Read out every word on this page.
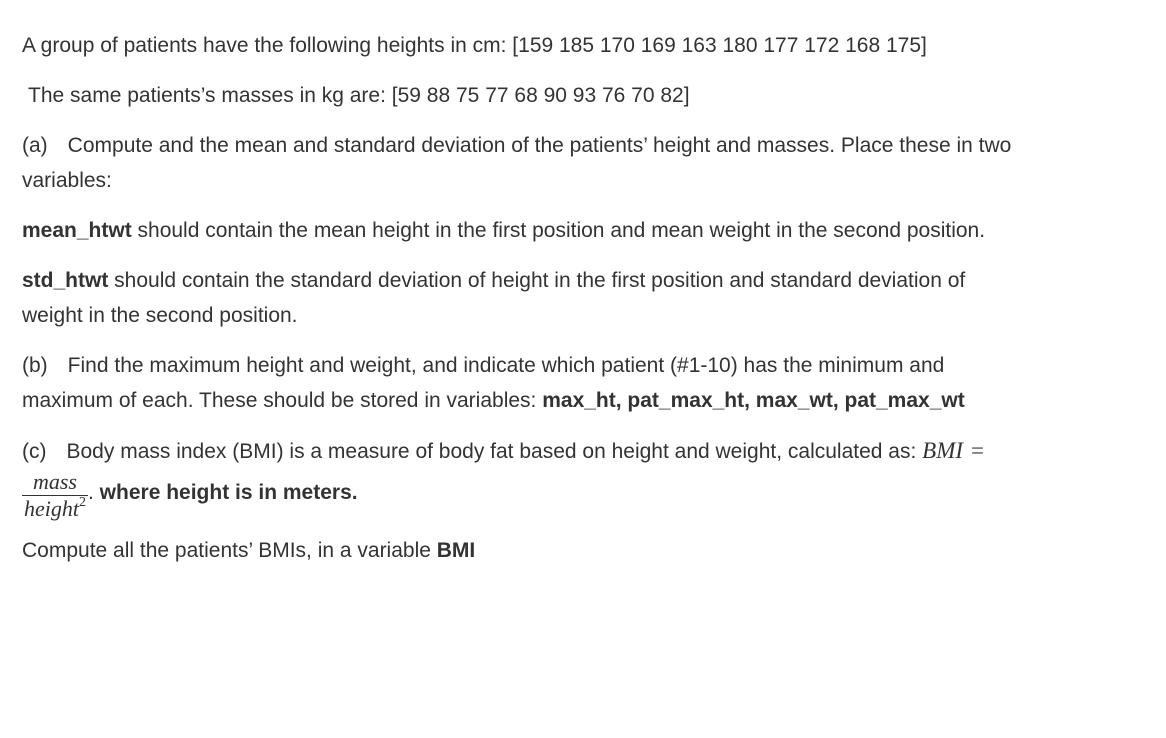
A group of patients have the following heights in cm: [159 185 170 169 163 180 177 172 168 175]

The same patients’s masses in kg are: [59 88 75 77 68 90 93 76 70 82]

(a) Compute and the mean and standard deviation of the patients’ height and masses. Place these in two variables:

mean_htwt should contain the mean height in the first position and mean weight in the second position.

std_htwt should contain the standard deviation of height in the first position and standard deviation of weight in the second position.

(b) Find the maximum height and weight, and indicate which patient (#1-10) has the minimum and maximum of each. These should be stored in variables: max_ht, pat_max_ht, max_wt, pat_max_wt

(c) Body mass index (BMI) is a measure of body fat based on height and weight, calculated as: BMI =
$\frac{\text{mass}}{height^2}$ . where height is in meters.

Compute all the patients’ BMIs, in a variable BMI
